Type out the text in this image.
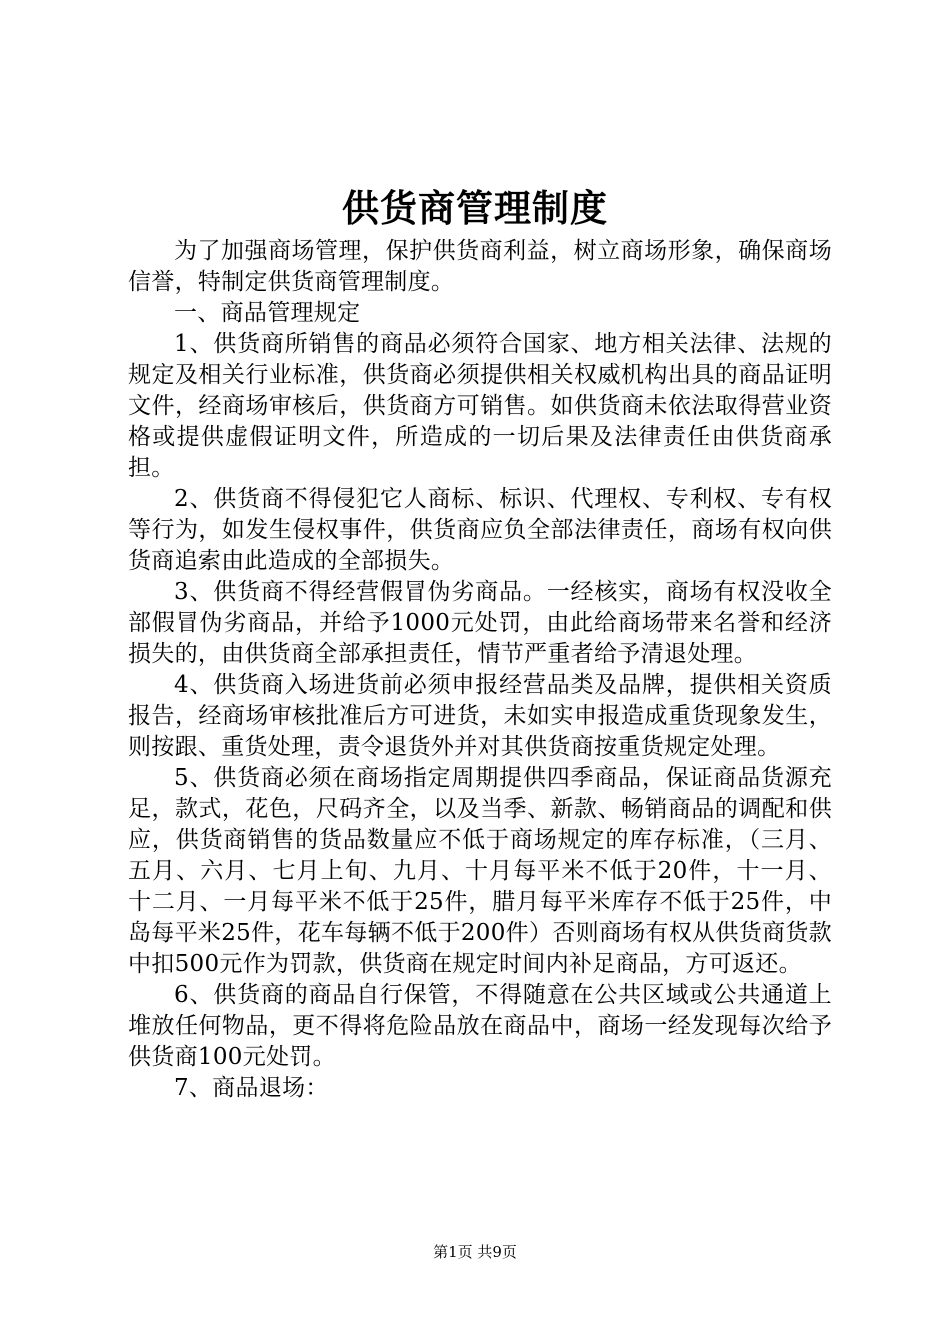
供货商管理制度

为了加强商场管理，保护供货商利益，树立商场形象，确保商场信誉，特制定供货商管理制度。

一、商品管理规定

1、供货商所销售的商品必须符合国家、地方相关法律、法规的规定及相关行业标准，供货商必须提供相关权威机构出具的商品证明文件，经商场审核后，供货商方可销售。如供货商未依法取得营业资格或提供虚假证明文件，所造成的一切后果及法律责任由供货商承担。

2、供货商不得侵犯它人商标、标识、代理权、专利权、专有权等行为，如发生侵权事件，供货商应负全部法律责任，商场有权向供货商追索由此造成的全部损失。

3、供货商不得经营假冒伪劣商品。一经核实，商场有权没收全部假冒伪劣商品，并给予1000元处罚，由此给商场带来名誉和经济损失的，由供货商全部承担责任，情节严重者给予清退处理。

4、供货商入场进货前必须申报经营品类及品牌，提供相关资质报告，经商场审核批准后方可进货，未如实申报造成重货现象发生，则按跟、重货处理，责令退货外并对其供货商按重货规定处理。

5、供货商必须在商场指定周期提供四季商品，保证商品货源充足，款式，花色，尺码齐全，以及当季、新款、畅销商品的调配和供应，供货商销售的货品数量应不低于商场规定的库存标准，（三月、五月、六月、七月上旬、九月、十月每平米不低于20件，十一月、十二月、一月每平米不低于25件，腊月每平米库存不低于25件，中岛每平米25件，花车每辆不低于200件）否则商场有权从供货商货款中扣500元作为罚款，供货商在规定时间内补足商品，方可返还。

6、供货商的商品自行保管，不得随意在公共区域或公共通道上堆放任何物品，更不得将危险品放在商品中，商场一经发现每次给予供货商100元处罚。

7、商品退场：

第1页 共9页
